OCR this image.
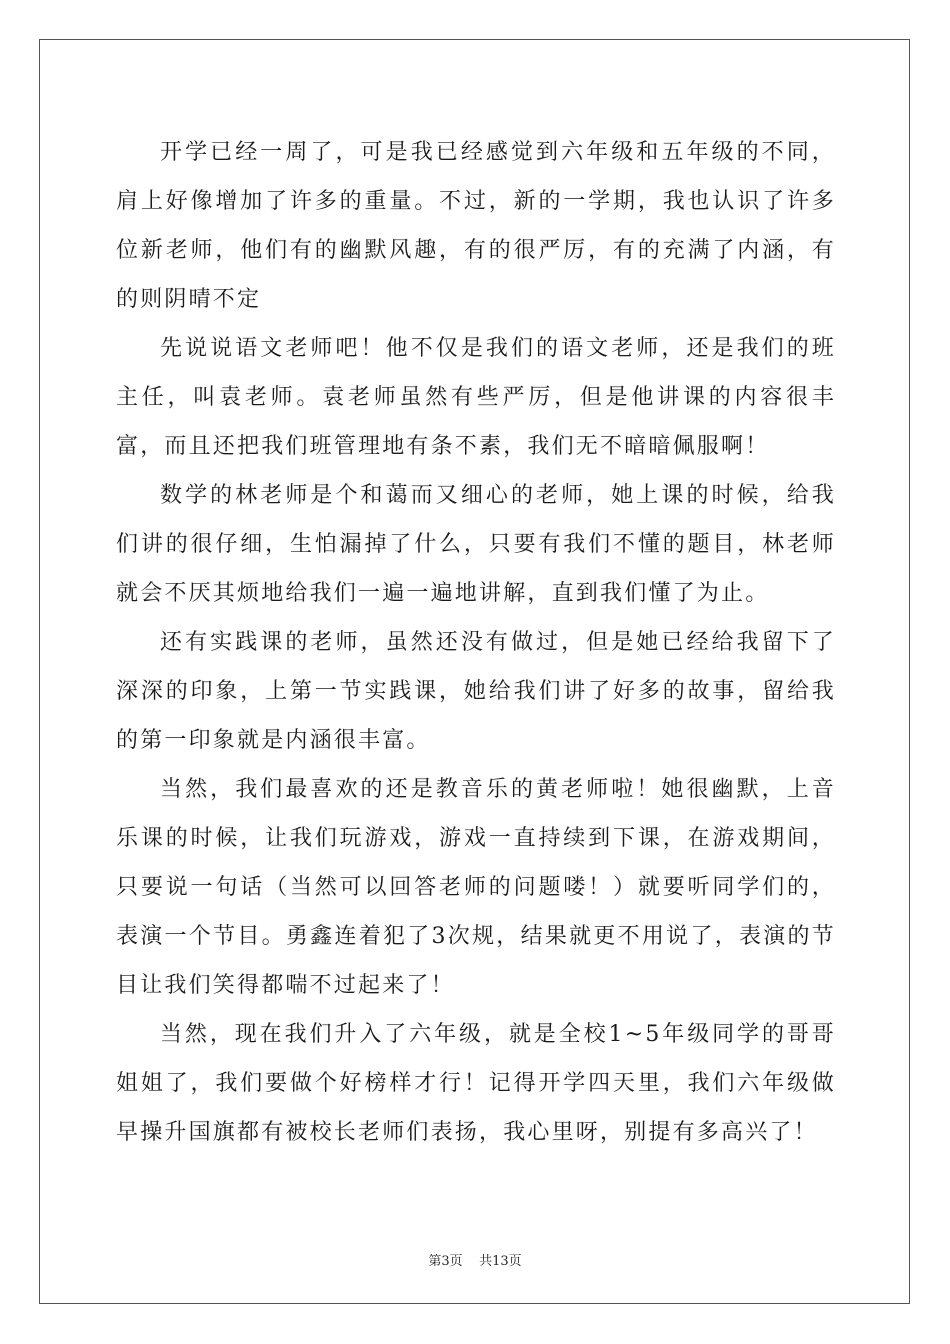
开学已经一周了，可是我已经感觉到六年级和五年级的不同，肩上好像增加了许多的重量。不过，新的一学期，我也认识了许多位新老师，他们有的幽默风趣，有的很严厉，有的充满了内涵，有的则阴晴不定

先说说语文老师吧！他不仅是我们的语文老师，还是我们的班主任，叫袁老师。袁老师虽然有些严厉，但是他讲课的内容很丰富，而且还把我们班管理地有条不素，我们无不暗暗佩服啊！

数学的林老师是个和蔼而又细心的老师，她上课的时候，给我们讲的很仔细，生怕漏掉了什么，只要有我们不懂的题目，林老师就会不厌其烦地给我们一遍一遍地讲解，直到我们懂了为止。

还有实践课的老师，虽然还没有做过，但是她已经给我留下了深深的印象，上第一节实践课，她给我们讲了好多的故事，留给我的第一印象就是内涵很丰富。

当然，我们最喜欢的还是教音乐的黄老师啦！她很幽默，上音乐课的时候，让我们玩游戏，游戏一直持续到下课，在游戏期间，只要说一句话（当然可以回答老师的问题喽！）就要听同学们的，表演一个节目。勇鑫连着犯了3次规，结果就更不用说了，表演的节目让我们笑得都喘不过起来了！

当然，现在我们升入了六年级，就是全校1~5年级同学的哥哥姐姐了，我们要做个好榜样才行！记得开学四天里，我们六年级做早操升国旗都有被校长老师们表扬，我心里呀，别提有多高兴了！

第3页 共13页
